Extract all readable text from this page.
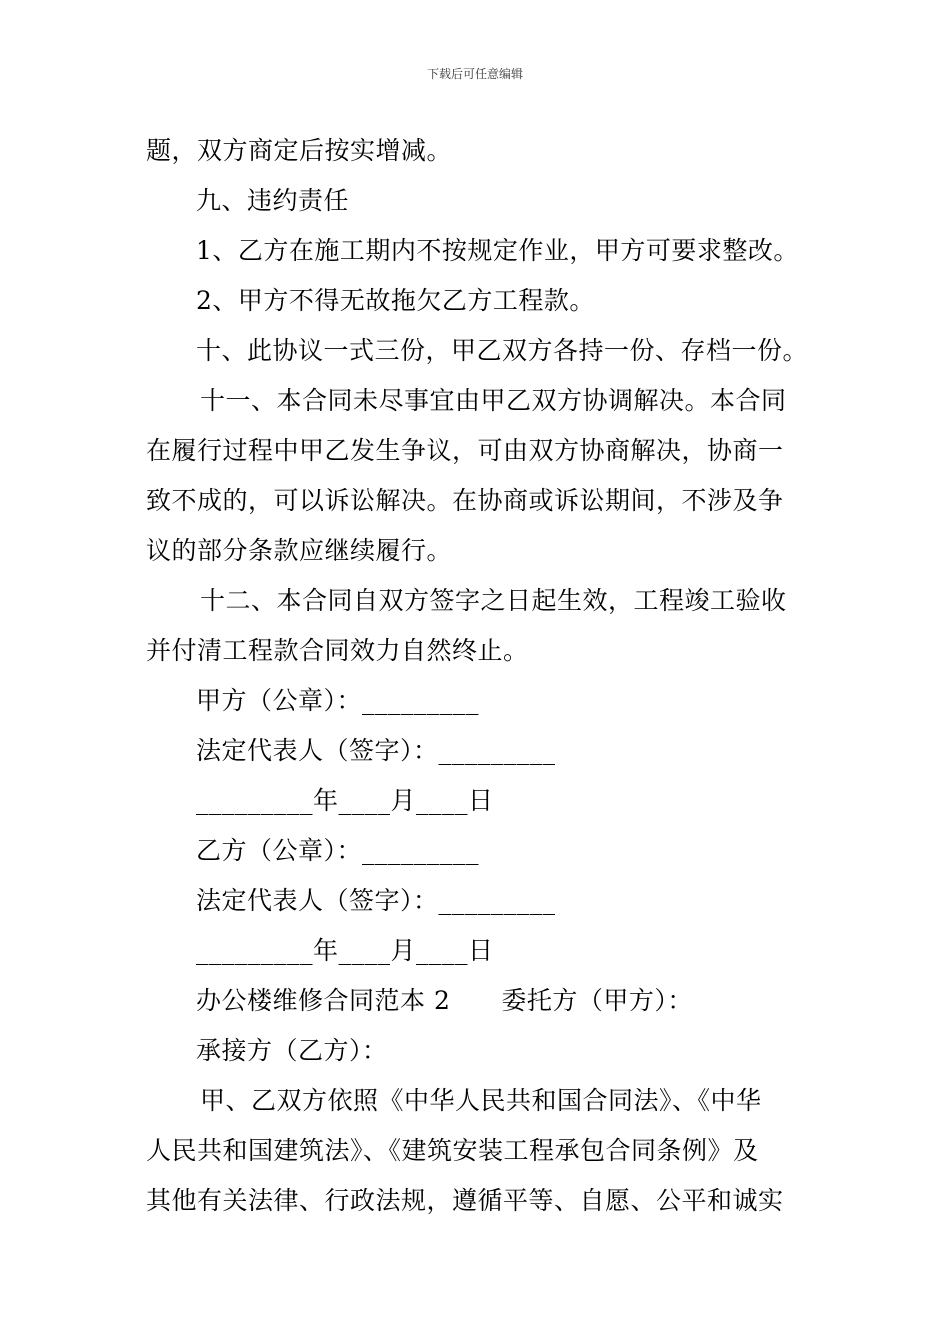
下载后可任意编辑
题，双方商定后按实增减。
九、违约责任
1、乙方在施工期内不按规定作业，甲方可要求整改。
2、甲方不得无故拖欠乙方工程款。
十、此协议一式三份，甲乙双方各持一份、存档一份。
十一、本合同未尽事宜由甲乙双方协调解决。本合同
在履行过程中甲乙发生争议，可由双方协商解决，协商一
致不成的，可以诉讼解决。在协商或诉讼期间，不涉及争
议的部分条款应继续履行。
十二、本合同自双方签字之日起生效，工程竣工验收
并付清工程款合同效力自然终止。
甲方（公章）：_________
法定代表人（签字）：_________
_________年____月____日
乙方（公章）：_________
法定代表人（签字）：_________
_________年____月____日
办公楼维修合同范本 2　　委托方（甲方）：
承接方（乙方）：
甲、乙双方依照《中华人民共和国合同法》、《中华
人民共和国建筑法》、《建筑安装工程承包合同条例》及
其他有关法律、行政法规，遵循平等、自愿、公平和诚实
